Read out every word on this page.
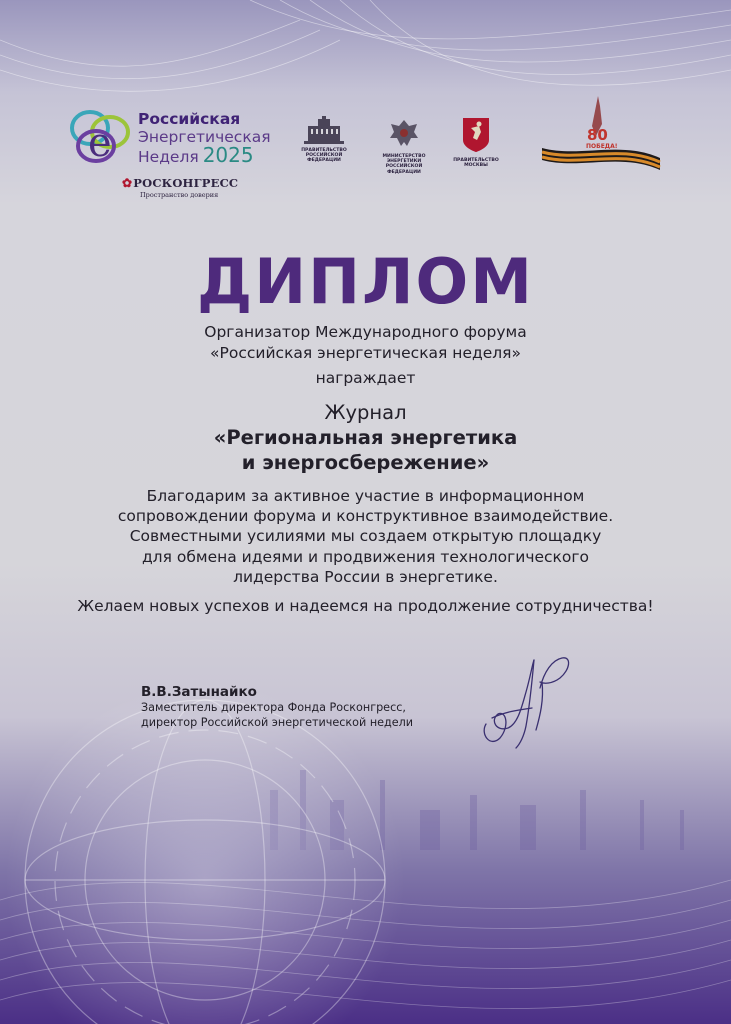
e
Российская
Энергетическая
Неделя 2025
✿РОСКОНГРЕСС
Пространство доверия
ПРАВИТЕЛЬСТВО
РОССИЙСКОЙ
ФЕДЕРАЦИИ
МИНИСТЕРСТВО ЭНЕРГЕТИКИ
РОССИЙСКОЙ ФЕДЕРАЦИИ
ПРАВИТЕЛЬСТВО МОСКВЫ
80
ПОБЕДА!
ДИПЛОМ
Организатор Международного форума
«Российская энергетическая неделя»
награждает
Журнал
«Региональная энергетика
и энергосбережение»
Благодарим за активное участие в информационном
сопровождении форума и конструктивное взаимодействие.
Совместными усилиями мы создаем открытую площадку
для обмена идеями и продвижения технологического
лидерства России в энергетике.
Желаем новых успехов и надеемся на продолжение сотрудничества!
В.В.Затынайко
Заместитель директора Фонда Росконгресс,
директор Российской энергетической недели
